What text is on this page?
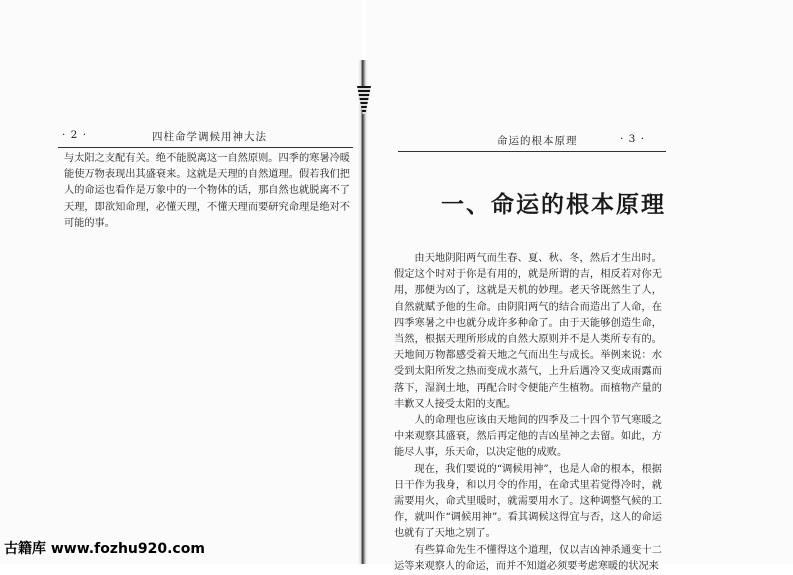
· 2 ·	四柱命学调候用神大法

与太阳之支配有关。绝不能脱离这一自然原则。四季的寒暑冷暖能使万物表现出其盛衰来。这就是天理的自然道理。假若我们把人的命运也看作是万象中的一个物体的话，那自然也就脱离不了天理，即欲知命理，必懂天理，不懂天理而要研究命理是绝对不可能的事。

命运的根本原理	· 3 ·
一、命运的根本原理

由天地阴阳两气而生春、夏、秋、冬，然后才生出时。假定这个时对于你是有用的，就是所谓的吉，相反若对你无用，那便为凶了，这就是天机的妙理。老天爷既然生了人，自然就赋予他的生命。由阴阳两气的结合而造出了人命，在四季寒暑之中也就分成许多种命了。由于天能够创造生命，当然，根据天理所形成的自然大原则并不是人类所专有的。天地间万物都感受着天地之气而出生与成长。举例来说：水受到太阳所发之热而变成水蒸气，上升后遇冷又变成雨露而落下，湿润土地，再配合时令便能产生植物。而植物产量的丰歉又人接受太阳的支配。

人的命理也应该由天地间的四季及二十四个节气寒暖之中来观察其盛衰，然后再定他的吉凶星神之去留。如此，方能尽人事，乐天命，以决定他的成败。

现在，我们要说的“调候用神”，也是人命的根本，根据日干作为我身，和以月令的作用，在命式里若觉得冷时，就需要用火，命式里暖时，就需要用水了。这种调整气候的工作，就叫作“调候用神”。看其调候这得宜与否，这人的命运也就有了天地之别了。

有些算命先生不懂得这个道理，仅以吉凶神杀通变十二运等来观察人的命运，而并不知道必须要考虑寒暖的状况来

古籍库 www.fozhu920.com
